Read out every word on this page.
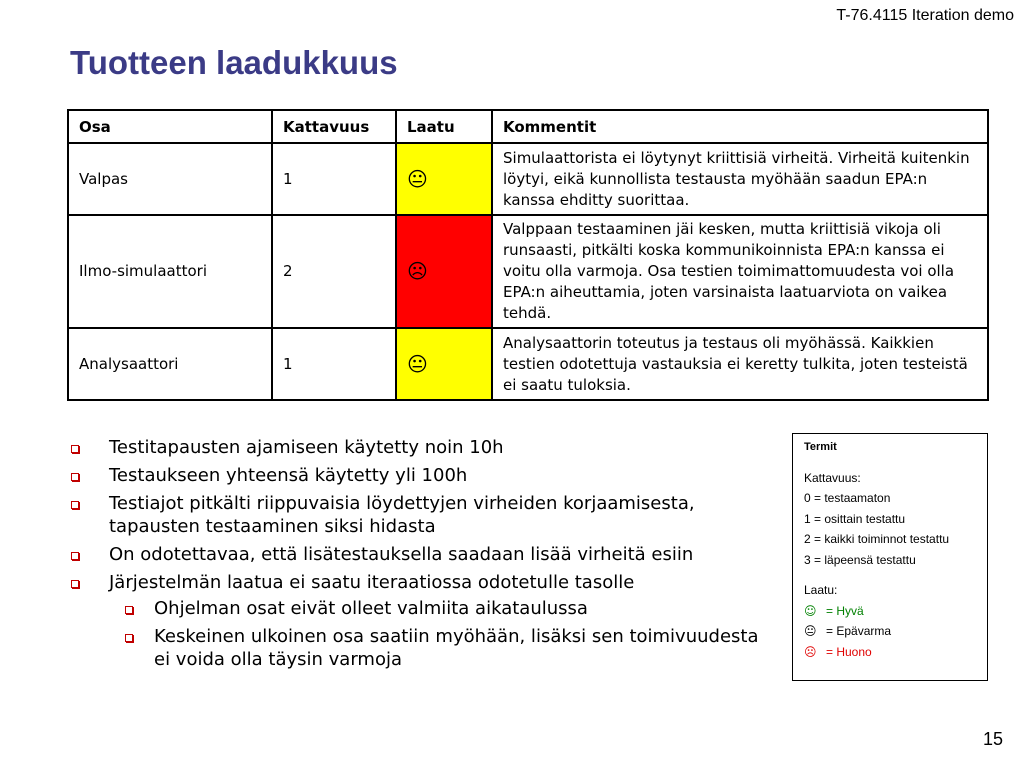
T-76.4115 Iteration demo
Tuotteen laadukkuus
Osa	Kattavuus	Laatu	Kommentit
Valpas	1	😐	Simulaattorista ei löytynyt kriittisiä virheitä. Virheitä kuitenkin löytyi, eikä kunnollista testausta myöhään saadun EPA:n kanssa ehditty suorittaa.
Ilmo-simulaattori	2	☹	Valppaan testaaminen jäi kesken, mutta kriittisiä vikoja oli runsaasti, pitkälti koska kommunikoinnista EPA:n kanssa ei voitu olla varmoja. Osa testien toimimattomuudesta voi olla EPA:n aiheuttamia, joten varsinaista laatuarviota on vaikea tehdä.
Analysaattori	1	😐	Analysaattorin toteutus ja testaus oli myöhässä. Kaikkien testien odotettuja vastauksia ei keretty tulkita, joten testeistä ei saatu tuloksia.
Testitapausten ajamiseen käytetty noin 10h
Testaukseen yhteensä käytetty yli 100h
Testiajot pitkälti riippuvaisia löydettyjen virheiden korjaamisesta, tapausten testaaminen siksi hidasta
On odotettavaa, että lisätestauksella saadaan lisää virheitä esiin
Järjestelmän laatua ei saatu iteraatiossa odotetulle tasolle
Ohjelman osat eivät olleet valmiita aikataulussa
Keskeinen ulkoinen osa saatiin myöhään, lisäksi sen toimivuudesta ei voida olla täysin varmoja
Termit
Kattavuus:
0 = testaamaton
1 = osittain testattu
2 = kaikki toiminnot testattu
3 = läpeensä testattu
Laatu:
☺ = Hyvä
😐 = Epävarma
☹ = Huono
15
